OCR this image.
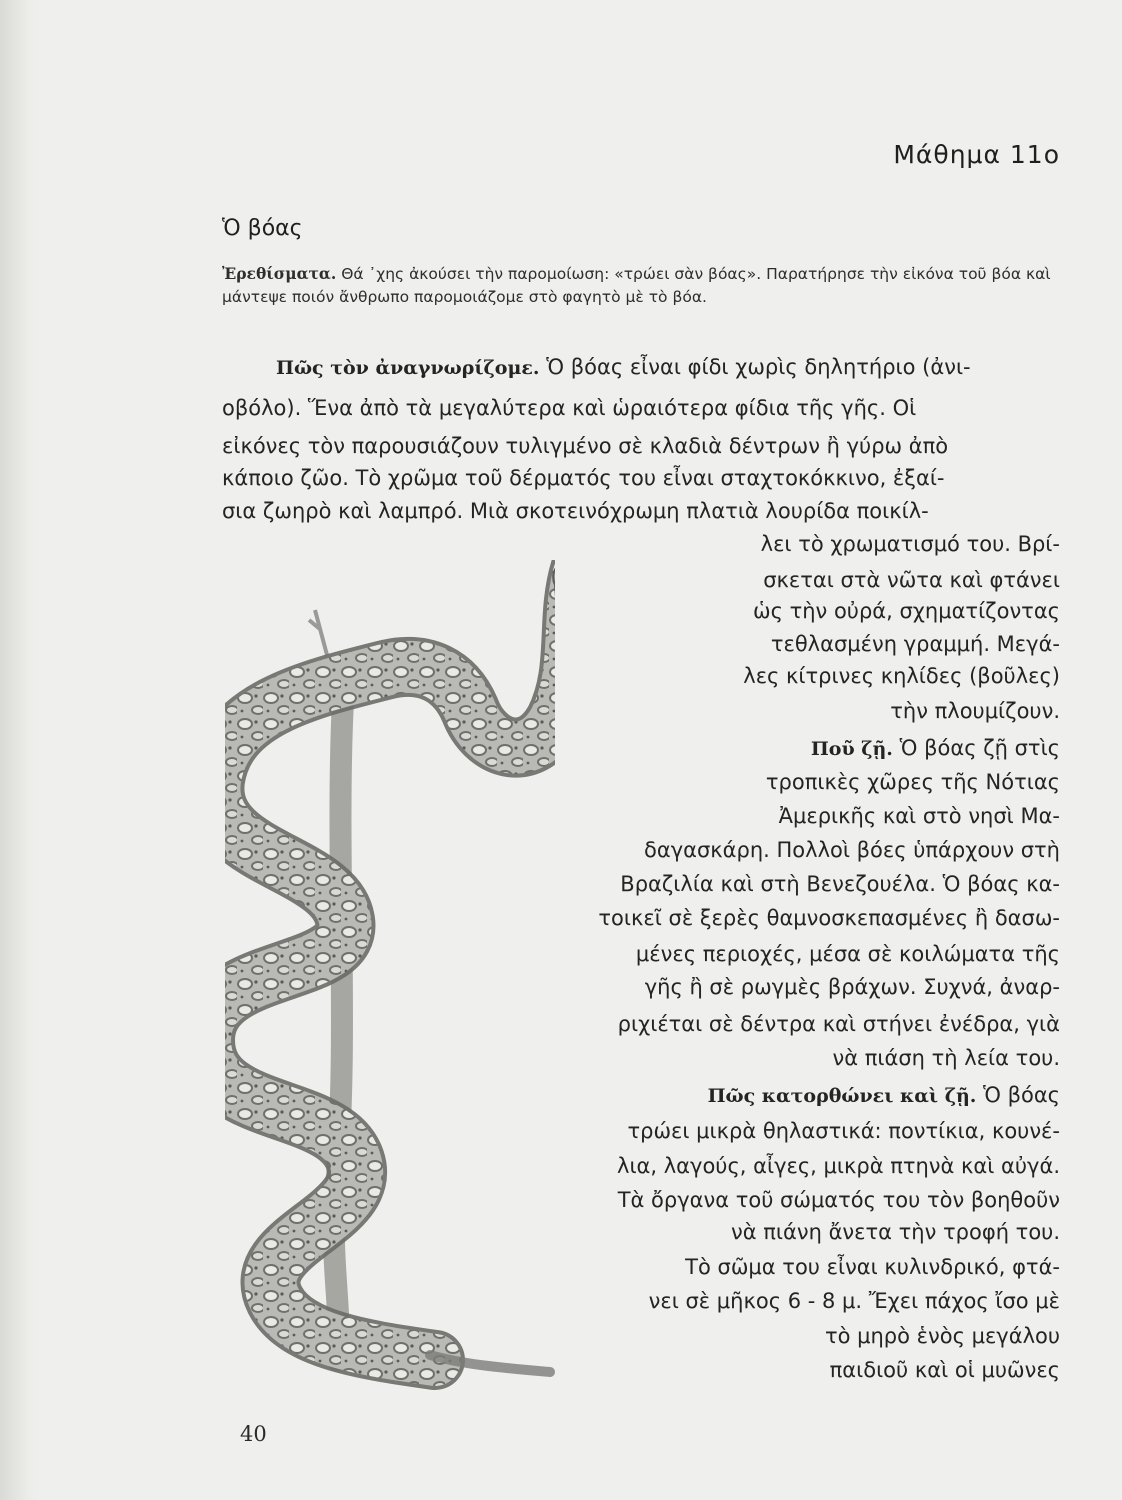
Μάθημα 11ο
Ὁ βόας
Ἐρεθίσματα. Θά ᾽χης ἀκούσει τὴν παρομοίωση: «τρώει σὰν βόας». Παρατήρησε τὴν εἰκόνα τοῦ βόα καὶ μάντεψε ποιόν ἄνθρωπο παρομοιάζομε στὸ φαγητὸ μὲ τὸ βόα.
Πῶς τὸν ἀναγνωρίζομε. Ὁ βόας εἶναι φίδι χωρὶς δηλητήριο (ἀνι-
οβόλο). Ἕνα ἀπὸ τὰ μεγαλύτερα καὶ ὡραιότερα φίδια τῆς γῆς. Οἱ
εἰκόνες τὸν παρουσιάζουν τυλιγμένο σὲ κλαδιὰ δέντρων ἢ γύρω ἀπὸ
κάποιο ζῶο. Τὸ χρῶμα τοῦ δέρματός του εἶναι σταχτοκόκκινο, ἐξαί-
σια ζωηρὸ καὶ λαμπρό. Μιὰ σκοτεινόχρωμη πλατιὰ λουρίδα ποικίλ-
λει τὸ χρωματισμό του. Βρί-
σκεται στὰ νῶτα καὶ φτάνει
ὡς τὴν οὐρά, σχηματίζοντας
τεθλασμένη γραμμή. Μεγά-
λες κίτρινες κηλίδες (βοῦλες)
τὴν πλουμίζουν.
Ποῦ ζῇ. Ὁ βόας ζῇ στὶς
τροπικὲς χῶρες τῆς Νότιας
Ἀμερικῆς καὶ στὸ νησὶ Μα-
δαγασκάρη. Πολλοὶ βόες ὑπάρχουν στὴ
Βραζιλία καὶ στὴ Βενεζουέλα. Ὁ βόας κα-
τοικεῖ σὲ ξερὲς θαμνοσκεπασμένες ἢ δασω-
μένες περιοχές, μέσα σὲ κοιλώματα τῆς
γῆς ἢ σὲ ρωγμὲς βράχων. Συχνά, ἀναρ-
ριχιέται σὲ δέντρα καὶ στήνει ἐνέδρα, γιὰ
νὰ πιάση τὴ λεία του.
Πῶς κατορθώνει καὶ ζῇ. Ὁ βόας
τρώει μικρὰ θηλαστικά: ποντίκια, κουνέ-
λια, λαγούς, αἶγες, μικρὰ πτηνὰ καὶ αὐγά.
Τὰ ὄργανα τοῦ σώματός του τὸν βοηθοῦν
νὰ πιάνη ἄνετα τὴν τροφή του.
Τὸ σῶμα του εἶναι κυλινδρικό, φτά-
νει σὲ μῆκος 6 - 8 μ. Ἔχει πάχος ἴσο μὲ
τὸ μηρὸ ἑνὸς μεγάλου
παιδιοῦ καὶ οἱ μυῶνες
40
